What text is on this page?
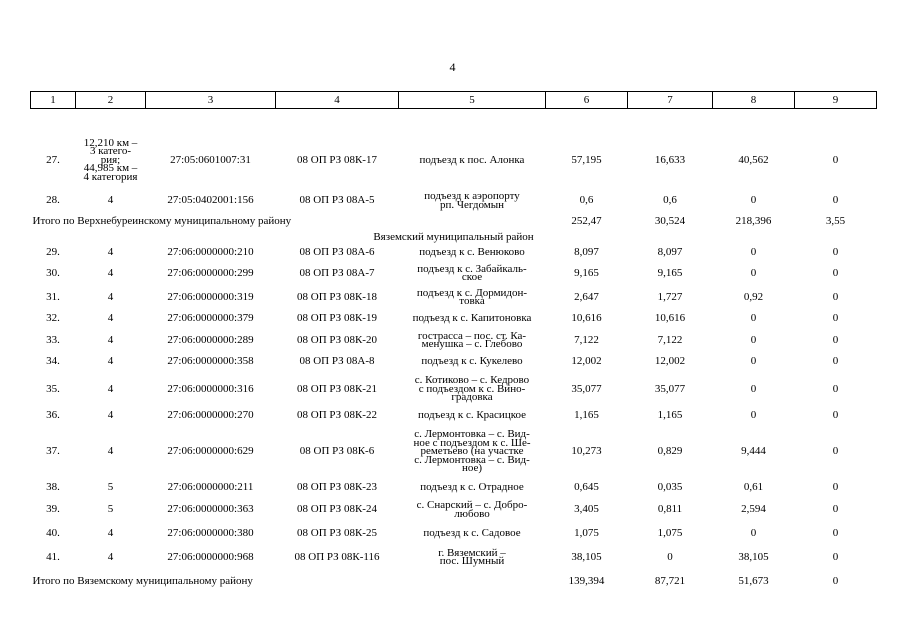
4
1	2	3	4	5	6	7	8	9

27.	12,210 км –
3 катего-
рия;
44,985 км –
4 категория	27:05:0601007:31	08 ОП РЗ 08К-17	подъезд к пос. Алонка	57,195	16,633	40,562	0
28.	4	27:05:0402001:156	08 ОП РЗ 08А-5	подъезд к аэропорту
рп. Чегдомын	0,6	0,6	0	0
Итого по Верхнебуреинскому муниципальному району					252,47	30,524	218,396	3,55
Вяземский муниципальный район								
29.	4	27:06:0000000:210	08 ОП РЗ 08А-6	подъезд к с. Венюково	8,097	8,097	0	0
30.	4	27:06:0000000:299	08 ОП РЗ 08А-7	подъезд к с. Забайкаль-
ское	9,165	9,165	0	0
31.	4	27:06:0000000:319	08 ОП РЗ 08К-18	подъезд к с. Дормидон-
товка	2,647	1,727	0,92	0
32.	4	27:06:0000000:379	08 ОП РЗ 08К-19	подъезд к с. Капитоновка	10,616	10,616	0	0
33.	4	27:06:0000000:289	08 ОП РЗ 08К-20	гострасса – пос. ст. Ка-
менушка – с. Глебово	7,122	7,122	0	0
34.	4	27:06:0000000:358	08 ОП РЗ 08А-8	подъезд к с. Кукелево	12,002	12,002	0	0
35.	4	27:06:0000000:316	08 ОП РЗ 08К-21	с. Котиково – с. Кедрово
с подъездом к с. Вино-
градовка	35,077	35,077	0	0
36.	4	27:06:0000000:270	08 ОП РЗ 08К-22	подъезд к с. Красицкое	1,165	1,165	0	0
37.	4	27:06:0000000:629	08 ОП РЗ 08К-6	с. Лермонтовка – с. Вид-
ное с подъездом к с. Ше-
реметьево (на участке
с. Лермонтовка – с. Вид-
ное)	10,273	0,829	9,444	0
38.	5	27:06:0000000:211	08 ОП РЗ 08К-23	подъезд к с. Отрадное	0,645	0,035	0,61	0
39.	5	27:06:0000000:363	08 ОП РЗ 08К-24	с. Снарский – с. Добро-
любово	3,405	0,811	2,594	0
40.	4	27:06:0000000:380	08 ОП РЗ 08К-25	подъезд к с. Садовое	1,075	1,075	0	0
41.	4	27:06:0000000:968	08 ОП РЗ 08К-116	г. Вяземский –
пос. Шумный	38,105	0	38,105	0
Итого по Вяземскому муниципальному району					139,394	87,721	51,673	0
